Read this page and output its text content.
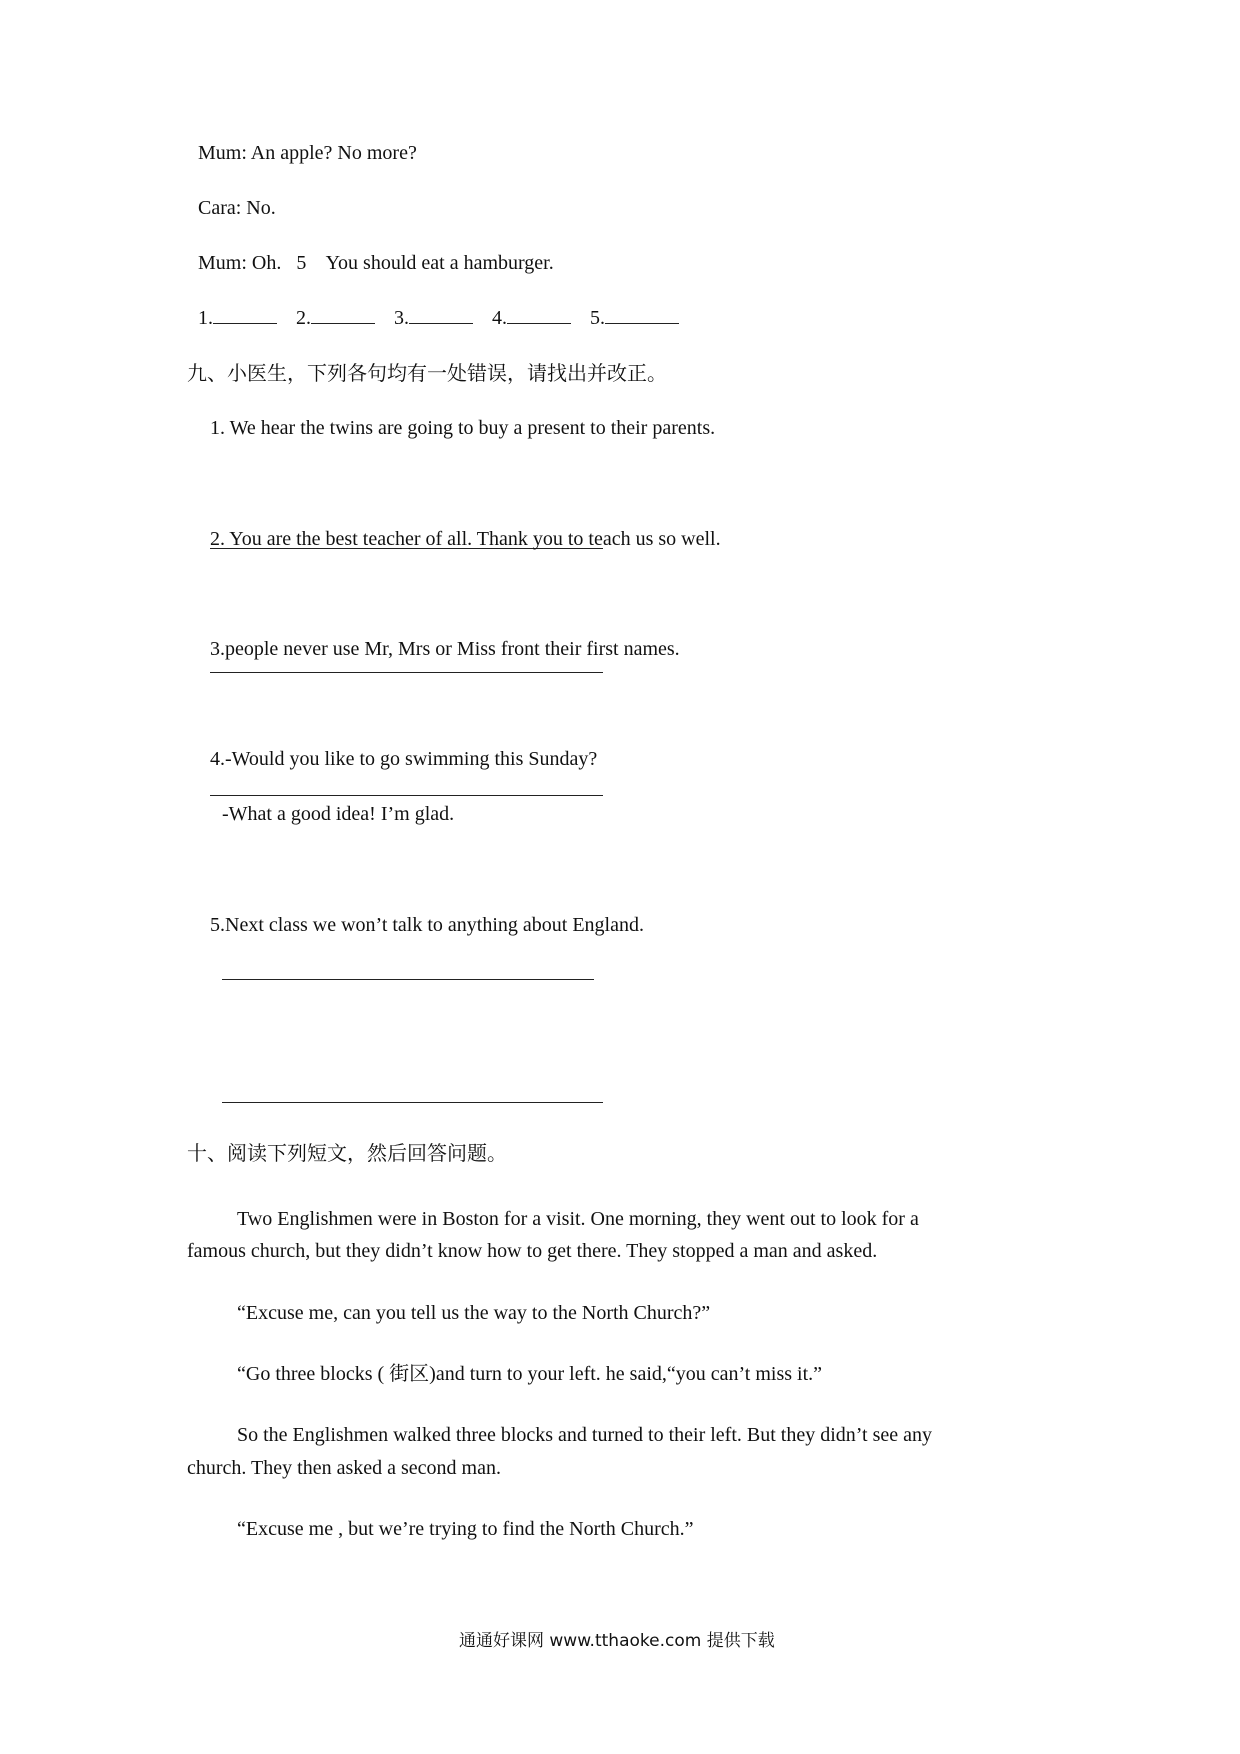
Mum: An apple? No more?
Cara: No.
Mum: Oh.   5    You should eat a hamburger.
1.	2.	3.	4.	5.
九、小医生，下列各句均有一处错误，请找出并改正。
1. We hear the twins are going to buy a present to their parents.
2. You are the best teacher of all. Thank you to teach us so well.
3.people never use Mr, Mrs or Miss front their first names.
4.-Would you like to go swimming this Sunday?
-What a good idea! I’m glad.
5.Next class we won’t talk to anything about England.
十、阅读下列短文，然后回答问题。
Two Englishmen were in Boston for a visit. One morning, they went out to look for a
famous church, but they didn’t know how to get there. They stopped a man and asked.
“Excuse me, can you tell us the way to the North Church?”
“Go three blocks ( 街区)and turn to your left. he said,“you can’t miss it.”
So the Englishmen walked three blocks and turned to their left. But they didn’t see any
church. They then asked a second man.
“Excuse me , but we’re trying to find the North Church.”
通通好课网 www.tthaoke.com 提供下载
